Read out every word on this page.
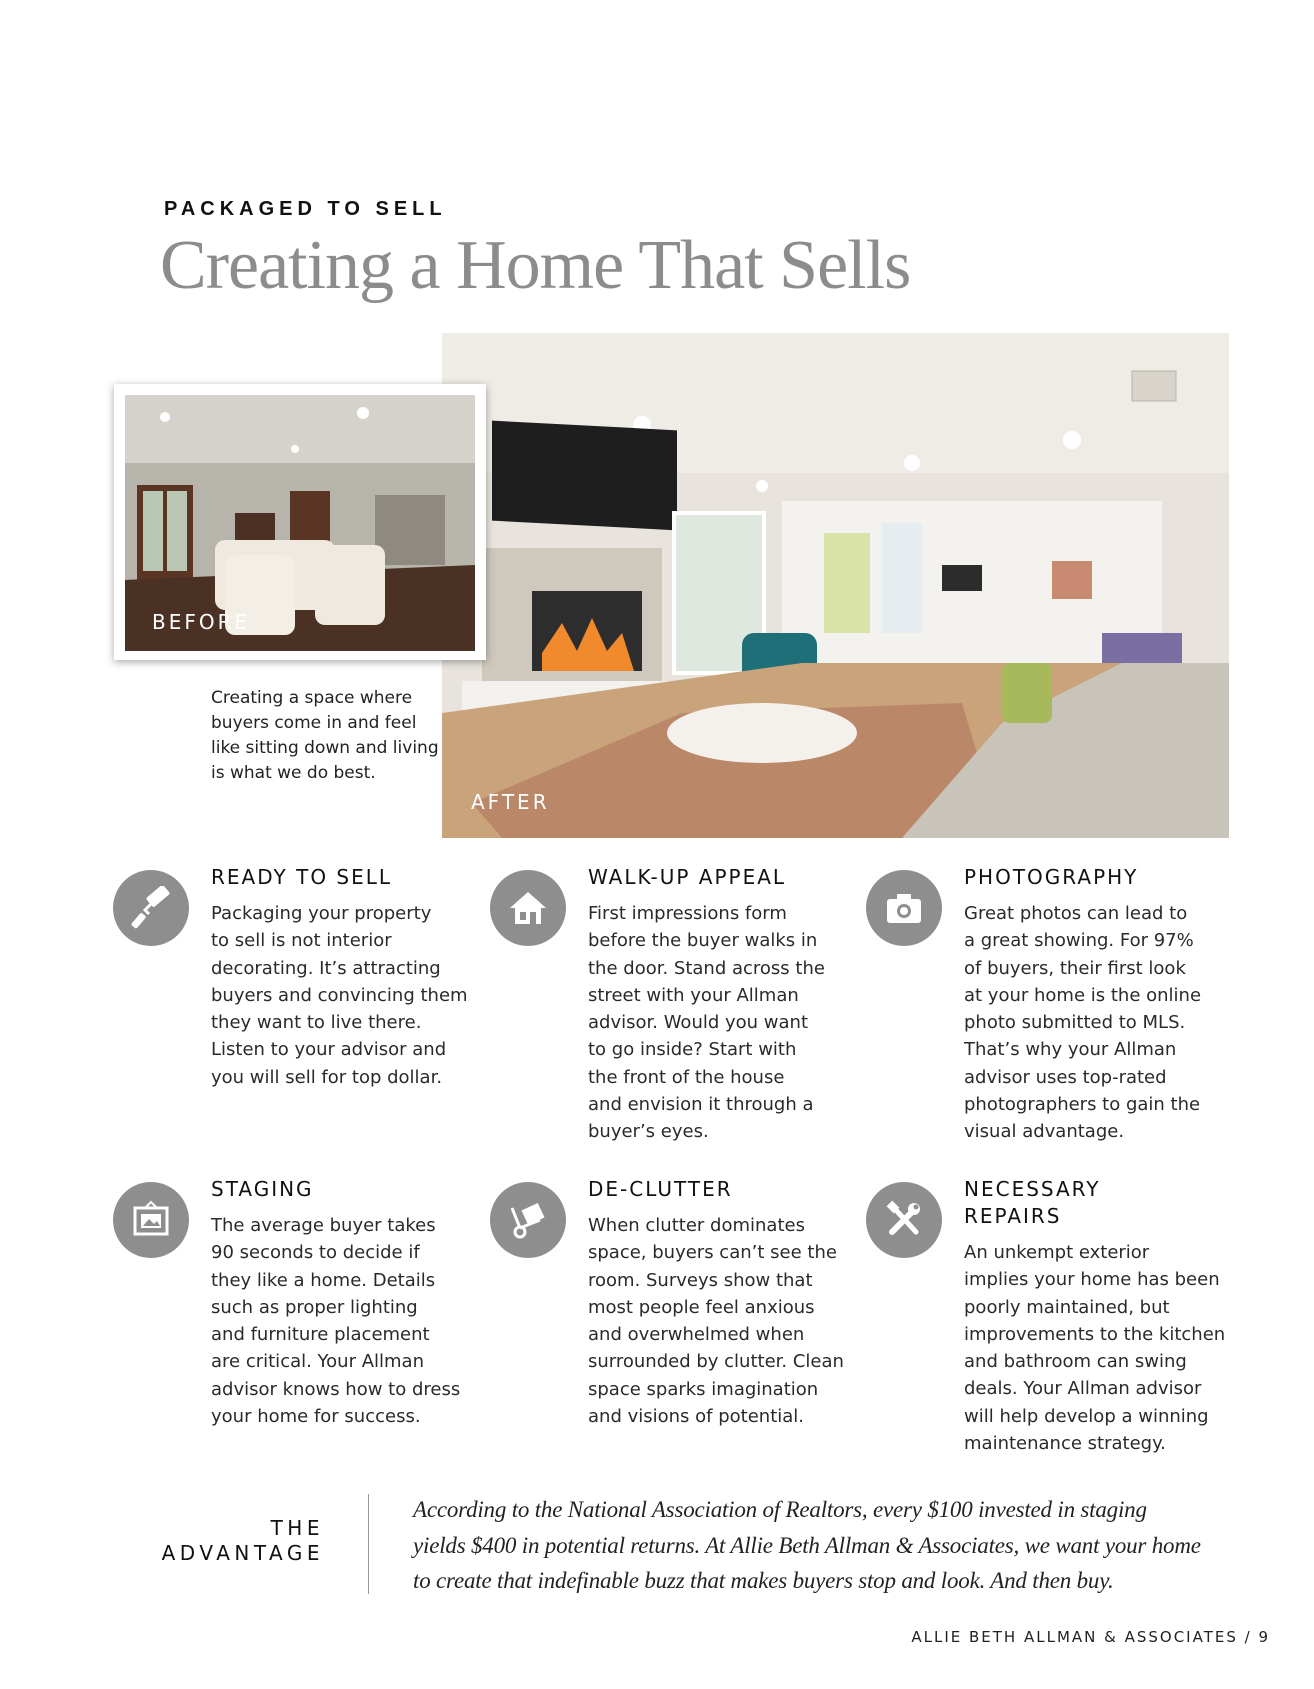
PACKAGED TO SELL
Creating a Home That Sells
AFTER
BEFORE
Creating a space where buyers come in and feel like sitting down and living is what we do best.
READY TO SELL
Packaging your property
to sell is not interior
decorating. It’s attracting
buyers and convincing them
they want to live there.
Listen to your advisor and
you will sell for top dollar.
WALK-UP APPEAL
First impressions form
before the buyer walks in
the door. Stand across the
street with your Allman
advisor. Would you want
to go inside? Start with
the front of the house
and envision it through a
buyer’s eyes.
PHOTOGRAPHY
Great photos can lead to
a great showing. For 97%
of buyers, their first look
at your home is the online
photo submitted to MLS.
That’s why your Allman
advisor uses top-rated
photographers to gain the
visual advantage.
STAGING
The average buyer takes
90 seconds to decide if
they like a home. Details
such as proper lighting
and furniture placement
are critical. Your Allman
advisor knows how to dress
your home for success.
DE-CLUTTER
When clutter dominates
space, buyers can’t see the
room. Surveys show that
most people feel anxious
and overwhelmed when
surrounded by clutter. Clean
space sparks imagination
and visions of potential.
NECESSARY
REPAIRS
An unkempt exterior
implies your home has been
poorly maintained, but
improvements to the kitchen
and bathroom can swing
deals. Your Allman advisor
will help develop a winning
maintenance strategy.
THE
ADVANTAGE
According to the National Association of Realtors, every $100 invested in staging
yields $400 in potential returns. At Allie Beth Allman & Associates, we want your home
to create that indefinable buzz that makes buyers stop and look. And then buy.
ALLIE BETH ALLMAN & ASSOCIATES / 9
